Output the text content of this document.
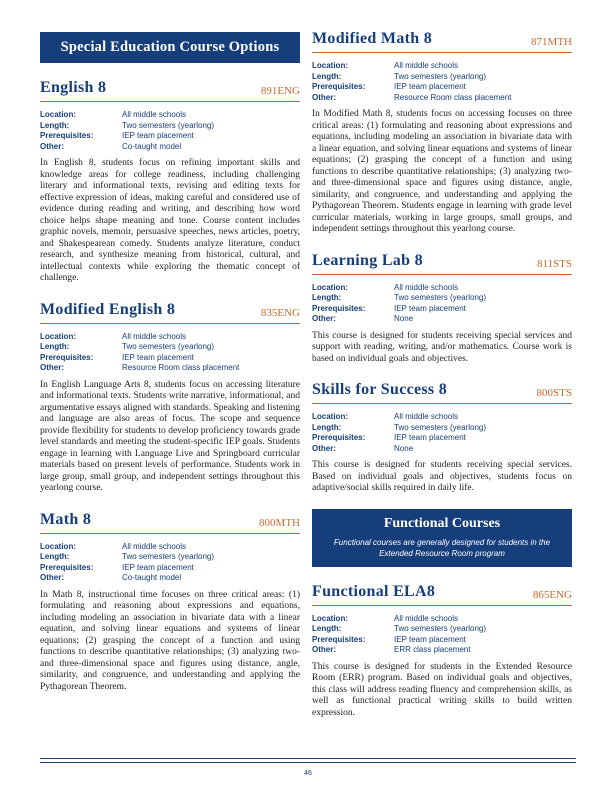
Special Education Course Options
English 8	891ENG
Location:	All middle schools
Length:	Two semesters (yearlong)
Prerequisites:	IEP team placement
Other:	Co-taught model
In English 8, students focus on refining important skills and knowledge areas for college readiness, including challenging literary and informational texts, revising and editing texts for effective expression of ideas, making careful and considered use of evidence during reading and writing, and describing how word choice helps shape meaning and tone. Course content includes graphic novels, memoir, persuasive speeches, news articles, poetry, and Shakespearean comedy. Students analyze literature, conduct research, and synthesize meaning from historical, cultural, and intellectual contexts while exploring the thematic concept of challenge.
Modified English 8	835ENG
Location:	All middle schools
Length:	Two semesters (yearlong)
Prerequisites:	IEP team placement
Other:	Resource Room class placement
In English Language Arts 8, students focus on accessing literature and informational texts. Students write narrative, informational, and argumentative essays aligned with standards. Speaking and listening and language are also areas of focus. The scope and sequence provide flexibility for students to develop proficiency towards grade level standards and meeting the student-specific IEP goals. Students engage in learning with Language Live and Springboard curricular materials based on present levels of performance. Students work in large group, small group, and independent settings throughout this yearlong course.
Math 8	800MTH
Location:	All middle schools
Length:	Two semesters (yearlong)
Prerequisites:	IEP team placement
Other:	Co-taught model
In Math 8, instructional time focuses on three critical areas: (1) formulating and reasoning about expressions and equations, including modeling an association in bivariate data with a linear equation, and solving linear equations and systems of linear equations; (2) grasping the concept of a function and using functions to describe quantitative relationships; (3) analyzing two- and three-dimensional space and figures using distance, angle, similarity, and congruence, and understanding and applying the Pythagorean Theorem.
Modified Math 8	871MTH
Location:	All middle schools
Length:	Two semesters (yearlong)
Prerequisites:	IEP team placement
Other:	Resource Room class placement
In Modified Math 8, students focus on accessing focuses on three critical areas: (1) formulating and reasoning about expressions and equations, including modeling an association in bivariate data with a linear equation, and solving linear equations and systems of linear equations; (2) grasping the concept of a function and using functions to describe quantitative relationships; (3) analyzing two- and three-dimensional space and figures using distance, angle, similarity, and congruence, and understanding and applying the Pythagorean Theorem. Students engage in learning with grade level curricular materials, working in large groups, small groups, and independent settings throughout this yearlong course.
Learning Lab 8	811STS
Location:	All middle schools
Length:	Two semesters (yearlong)
Prerequisites:	IEP team placement
Other:	None
This course is designed for students receiving special services and support with reading, writing, and/or mathematics. Course work is based on individual goals and objectives.
Skills for Success 8	800STS
Location:	All middle schools
Length:	Two semesters (yearlong)
Prerequisites:	IEP team placement
Other:	None
This course is designed for students receiving special services. Based on individual goals and objectives, students focus on adaptive/social skills required in daily life.
Functional Courses
Functional courses are generally designed for students in the Extended Resource Room program
Functional ELA8	865ENG
Location:	All middle schools
Length:	Two semesters (yearlong)
Prerequisites:	IEP team placement
Other:	ERR class placement
This course is designed for students in the Extended Resource Room (ERR) program. Based on individual goals and objectives, this class will address reading fluency and comprehension skills, as well as functional practical writing skills to build written expression.
46
